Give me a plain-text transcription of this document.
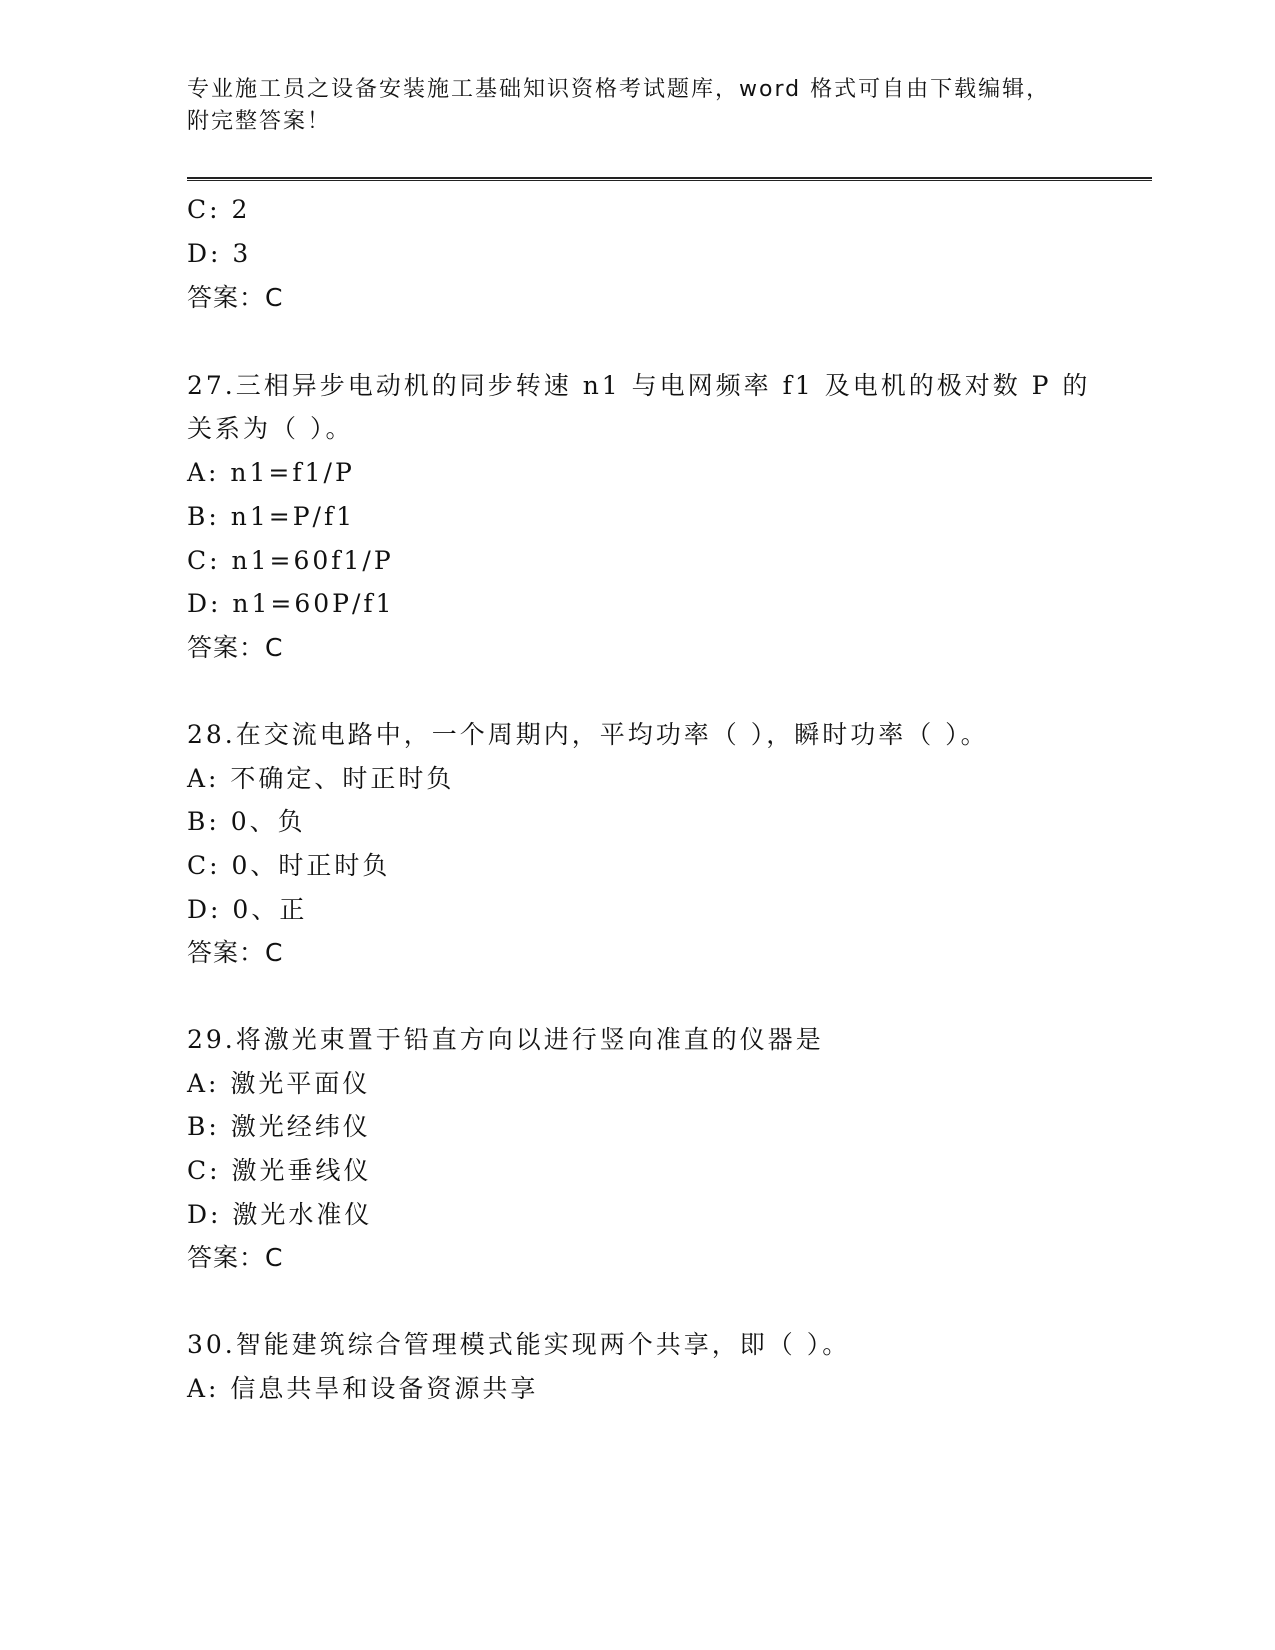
专业施工员之设备安装施工基础知识资格考试题库，word 格式可自由下载编辑，
附完整答案！
C: 2
D: 3
答案：C
27.三相异步电动机的同步转速 n1 与电网频率 f1 及电机的极对数 P 的
关系为（ ）。
A: n1=f1/P
B: n1=P/f1
C: n1=60f1/P
D: n1=60P/f1
答案：C
28.在交流电路中，一个周期内，平均功率（ ），瞬时功率（ ）。
A: 不确定、时正时负
B: 0、负
C: 0、时正时负
D: 0、正
答案：C
29.将激光束置于铅直方向以进行竖向准直的仪器是
A: 激光平面仪
B: 激光经纬仪
C: 激光垂线仪
D: 激光水准仪
答案：C
30.智能建筑综合管理模式能实现两个共享，即（ ）。
A: 信息共旱和设备资源共享
